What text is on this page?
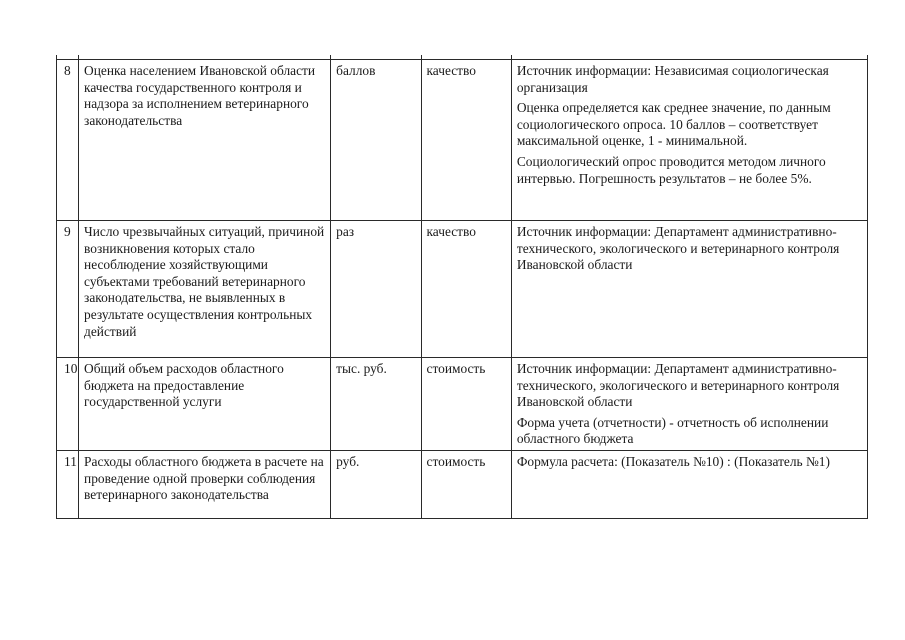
8	Оценка населением Ивановской области качества государственного контроля и надзора за исполнением ветеринарного законодательства	баллов	качество	Источник информации: Независимая социологическая организация

Оценка определяется как среднее значение, по данным социологического опроса. 10 баллов – соответствует максимальной оценке, 1 - минимальной.

Социологический опрос проводится методом личного интервью. Погрешность результатов – не более 5%.

9	Число чрезвычайных ситуаций, причиной возникновения которых стало несоблюдение хозяйствующими субъектами требований ветеринарного законодательства, не выявленных в результате осуществления контрольных действий	раз	качество	Источник информации: Департамент административно-технического, экологического и ветеринарного контроля Ивановской области

10	Общий объем расходов областного бюджета на предоставление государственной услуги	тыс. руб.	стоимость	Источник информации: Департамент административно-технического, экологического и ветеринарного контроля Ивановской области

Форма учета (отчетности) - отчетность об исполнении областного бюджета

11	Расходы областного бюджета в расчете на проведение одной проверки соблюдения ветеринарного законодательства	руб.	стоимость	Формула расчета: (Показатель №10) : (Показатель №1)
